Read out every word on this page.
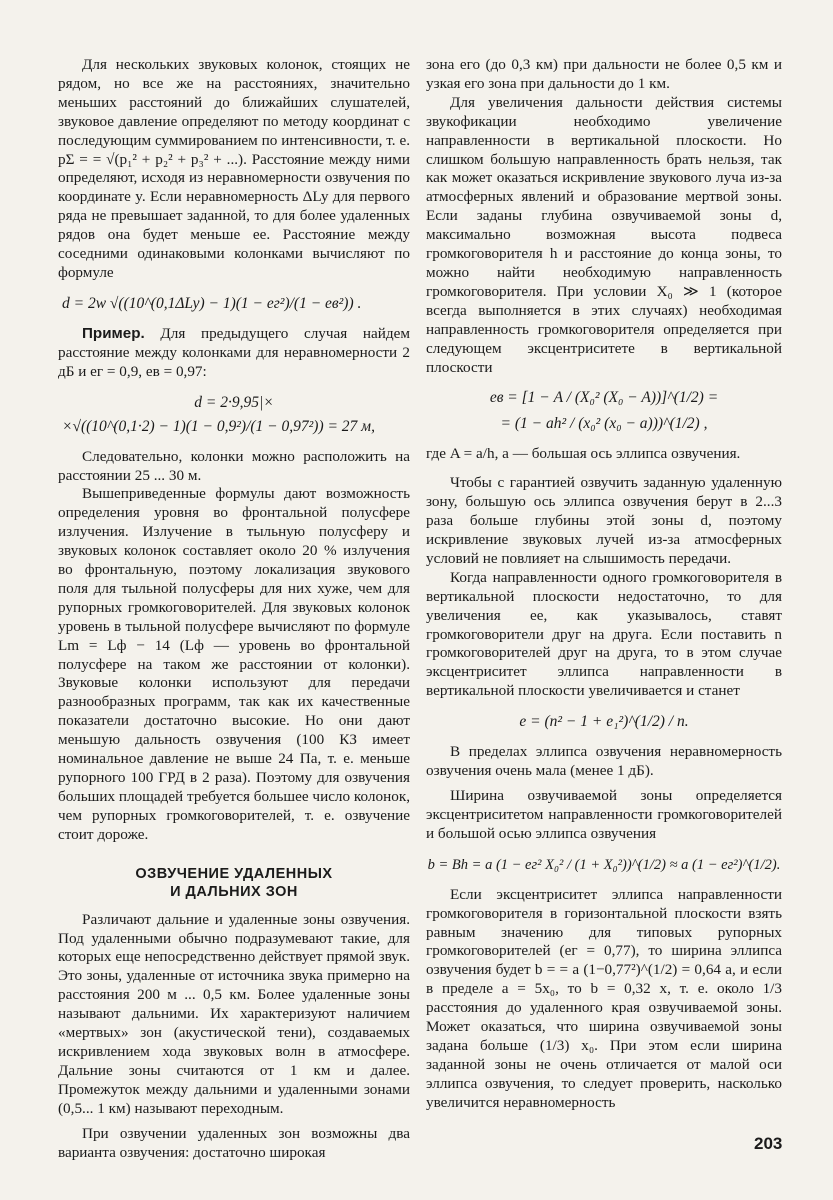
Для нескольких звуковых колонок, стоящих не рядом, но все же на расстояниях, значительно меньших расстояний до ближайших слушателей, звуковое давление определяют по методу координат с последующим суммированием по интенсивности, т. е. pΣ = = √(p₁² + p₂² + p₃² + ...). Расстояние между ними определяют, исходя из неравномерности озвучения по координате y. Если неравномерность ΔLy для первого ряда не превышает заданной, то для более удаленных рядов она будет меньше ее. Расстояние между соседними одинаковыми колонками вычисляют по формуле

d = 2w √((10^(0,1ΔLy) − 1)(1 − eг²)/(1 − eв²)) .

Пример. Для предыдущего случая найдем расстояние между колонками для неравномерности 2 дБ и eг = 0,9, eв = 0,97:

d = 2·9,95|×
×√((10^(0,1·2) − 1)(1 − 0,9²)/(1 − 0,97²)) = 27 м,

Следовательно, колонки можно расположить на расстоянии 25 ... 30 м.

Вышеприведенные формулы дают возможность определения уровня во фронтальной полусфере излучения. Излучение в тыльную полусферу и звуковых колонок составляет около 20 % излучения во фронтальную, поэтому локализация звукового поля для тыльной полусферы для них хуже, чем для рупорных громкоговорителей. Для звуковых колонок уровень в тыльной полусфере вычисляют по формуле Lm = Lф − 14 (Lф — уровень во фронтальной полусфере на таком же расстоянии от колонки). Звуковые колонки используют для передачи разнообразных программ, так как их качественные показатели достаточно высокие. Но они дают меньшую дальность озвучения (100 КЗ имеет номинальное давление не выше 24 Па, т. е. меньше рупорного 100 ГРД в 2 раза). Поэтому для озвучения больших площадей требуется большее число колонок, чем рупорных громкоговорителей, т. е. озвучение стоит дороже.

ОЗВУЧЕНИЕ УДАЛЕННЫХ
И ДАЛЬНИХ ЗОН

Различают дальние и удаленные зоны озвучения. Под удаленными обычно подразумевают такие, для которых еще непосредственно действует прямой звук. Это зоны, удаленные от источника звука примерно на расстояния 200 м ... 0,5 км. Более удаленные зоны называют дальними. Их характеризуют наличием «мертвых» зон (акустической тени), создаваемых искривлением хода звуковых волн в атмосфере. Дальние зоны считаются от 1 км и далее. Промежуток между дальними и удаленными зонами (0,5... 1 км) называют переходным.

При озвучении удаленных зон возможны два варианта озвучения: достаточно широкая

зона его (до 0,3 км) при дальности не более 0,5 км и узкая его зона при дальности до 1 км.

Для увеличения дальности действия системы звукофикации необходимо увеличение направленности в вертикальной плоскости. Но слишком большую направленность брать нельзя, так как может оказаться искривление звукового луча из-за атмосферных явлений и образование мертвой зоны. Если заданы глубина озвучиваемой зоны d, максимально возможная высота подвеса громкоговорителя h и расстояние до конца зоны, то можно найти необходимую направленность громкоговорителя. При условии X₀ ≫ 1 (которое всегда выполняется в этих случаях) необходимая направленность громкоговорителя определяется при следующем эксцентриситете в вертикальной плоскости

eв = [1 − A / (X₀² (X₀ − A))]^(1/2) =
= (1 − ah² / (x₀² (x₀ − a)))^(1/2) ,

где A = a/h, a — большая ось эллипса озвучения.

Чтобы с гарантией озвучить заданную удаленную зону, большую ось эллипса озвучения берут в 2...3 раза больше глубины этой зоны d, поэтому искривление звуковых лучей из-за атмосферных условий не повлияет на слышимость передачи.

Когда направленности одного громкоговорителя в вертикальной плоскости недостаточно, то для увеличения ее, как указывалось, ставят громкоговорители друг на друга. Если поставить n громкоговорителей друг на друга, то в этом случае эксцентриситет эллипса направленности в вертикальной плоскости увеличивается и станет

e = (n² − 1 + e₁²)^(1/2) / n.

В пределах эллипса озвучения неравномерность озвучения очень мала (менее 1 дБ).

Ширина озвучиваемой зоны определяется эксцентриситетом направленности громкоговорителей и большой осью эллипса озвучения

b = Bh = a (1 − eг² X₀² / (1 + X₀²))^(1/2) ≈ a (1 − eг²)^(1/2).

Если эксцентриситет эллипса направленности громкоговорителя в горизонтальной плоскости взять равным значению для типовых рупорных громкоговорителей (eг = 0,77), то ширина эллипса озвучения будет b = = a (1−0,77²)^(1/2) = 0,64 a, и если в пределе a = 5x₀, то b = 0,32 x, т. е. около 1/3 расстояния до удаленного края озвучиваемой зоны. Может оказаться, что ширина озвучиваемой зоны задана больше (1/3) x₀. При этом если ширина заданной зоны не очень отличается от малой оси эллипса озвучения, то следует проверить, насколько увеличится неравномерность

203
